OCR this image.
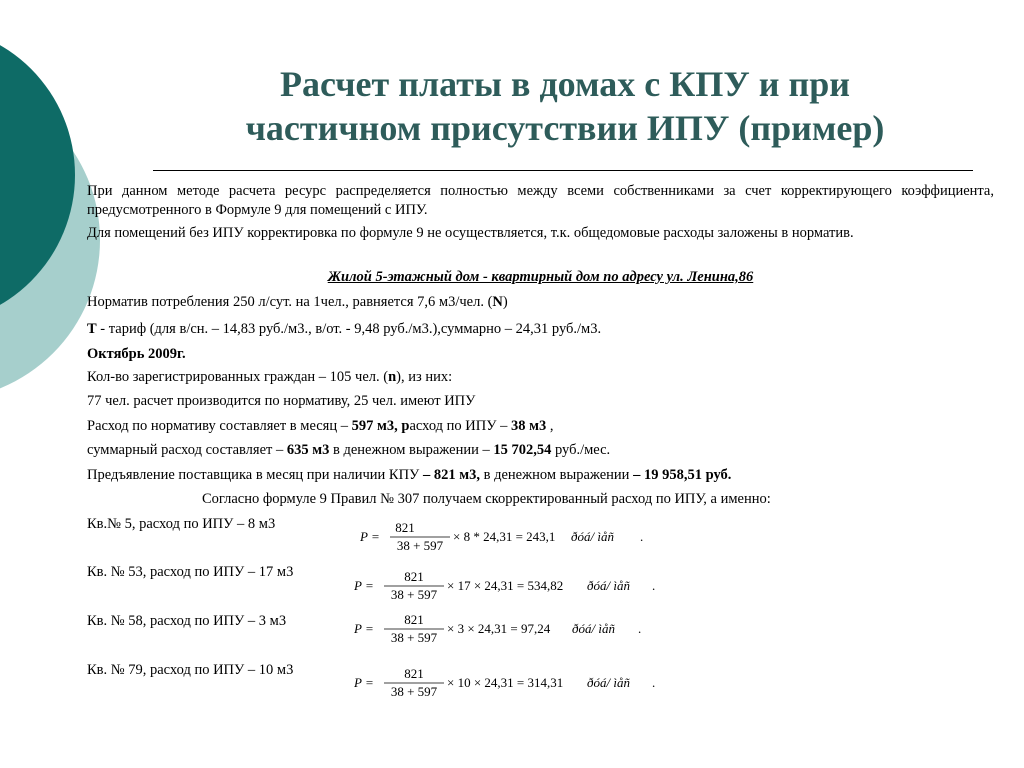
Расчет платы в домах с КПУ и при
частичном присутствии ИПУ (пример)
При данном методе расчета ресурс распределяется полностью между всеми собственниками за счет корректирующего коэффициента, предусмотренного в Формуле 9 для помещений с ИПУ.
Для помещений без ИПУ корректировка по формуле 9 не осуществляется, т.к. общедомовые расходы заложены в норматив.
Жилой 5-этажный дом - квартирный дом по адресу ул. Ленина,86
Норматив потребления 250 л/сут. на 1чел., равняется 7,6 м3/чел. (N)
Т - тариф (для в/сн. – 14,83 руб./м3., в/от. - 9,48 руб./м3.),суммарно – 24,31 руб./м3.
Октябрь 2009г.
Кол-во зарегистрированных граждан – 105 чел. (n), из них:
77 чел. расчет производится по нормативу, 25 чел. имеют ИПУ
Расход по нормативу составляет в месяц – 597 м3, расход по ИПУ – 38 м3 ,
суммарный расход составляет – 635 м3 в денежном выражении – 15 702,54 руб./мес.
Предъявление поставщика в месяц при наличии КПУ – 821 м3, в денежном выражении – 19 958,51 руб.
Согласно формуле 9 Правил № 307 получаем скорректированный расход по ИПУ, а именно:
Кв.№ 5, расход по ИПУ – 8 м3
Кв. № 53, расход по ИПУ – 17 м3
Кв. № 58, расход по ИПУ – 3 м3
Кв. № 79, расход по ИПУ – 10 м3
P =
821
38 + 597
× 8 * 24,31 = 243,1 ðóá/ ìåñ .
P =
821
38 + 597
× 17 × 24,31 = 534,82 ðóá/ ìåñ .
P =
821
38 + 597
× 3 × 24,31 = 97,24 ðóá/ ìåñ .
P =
821
38 + 597
× 10 × 24,31 = 314,31 ðóá/ ìåñ .
